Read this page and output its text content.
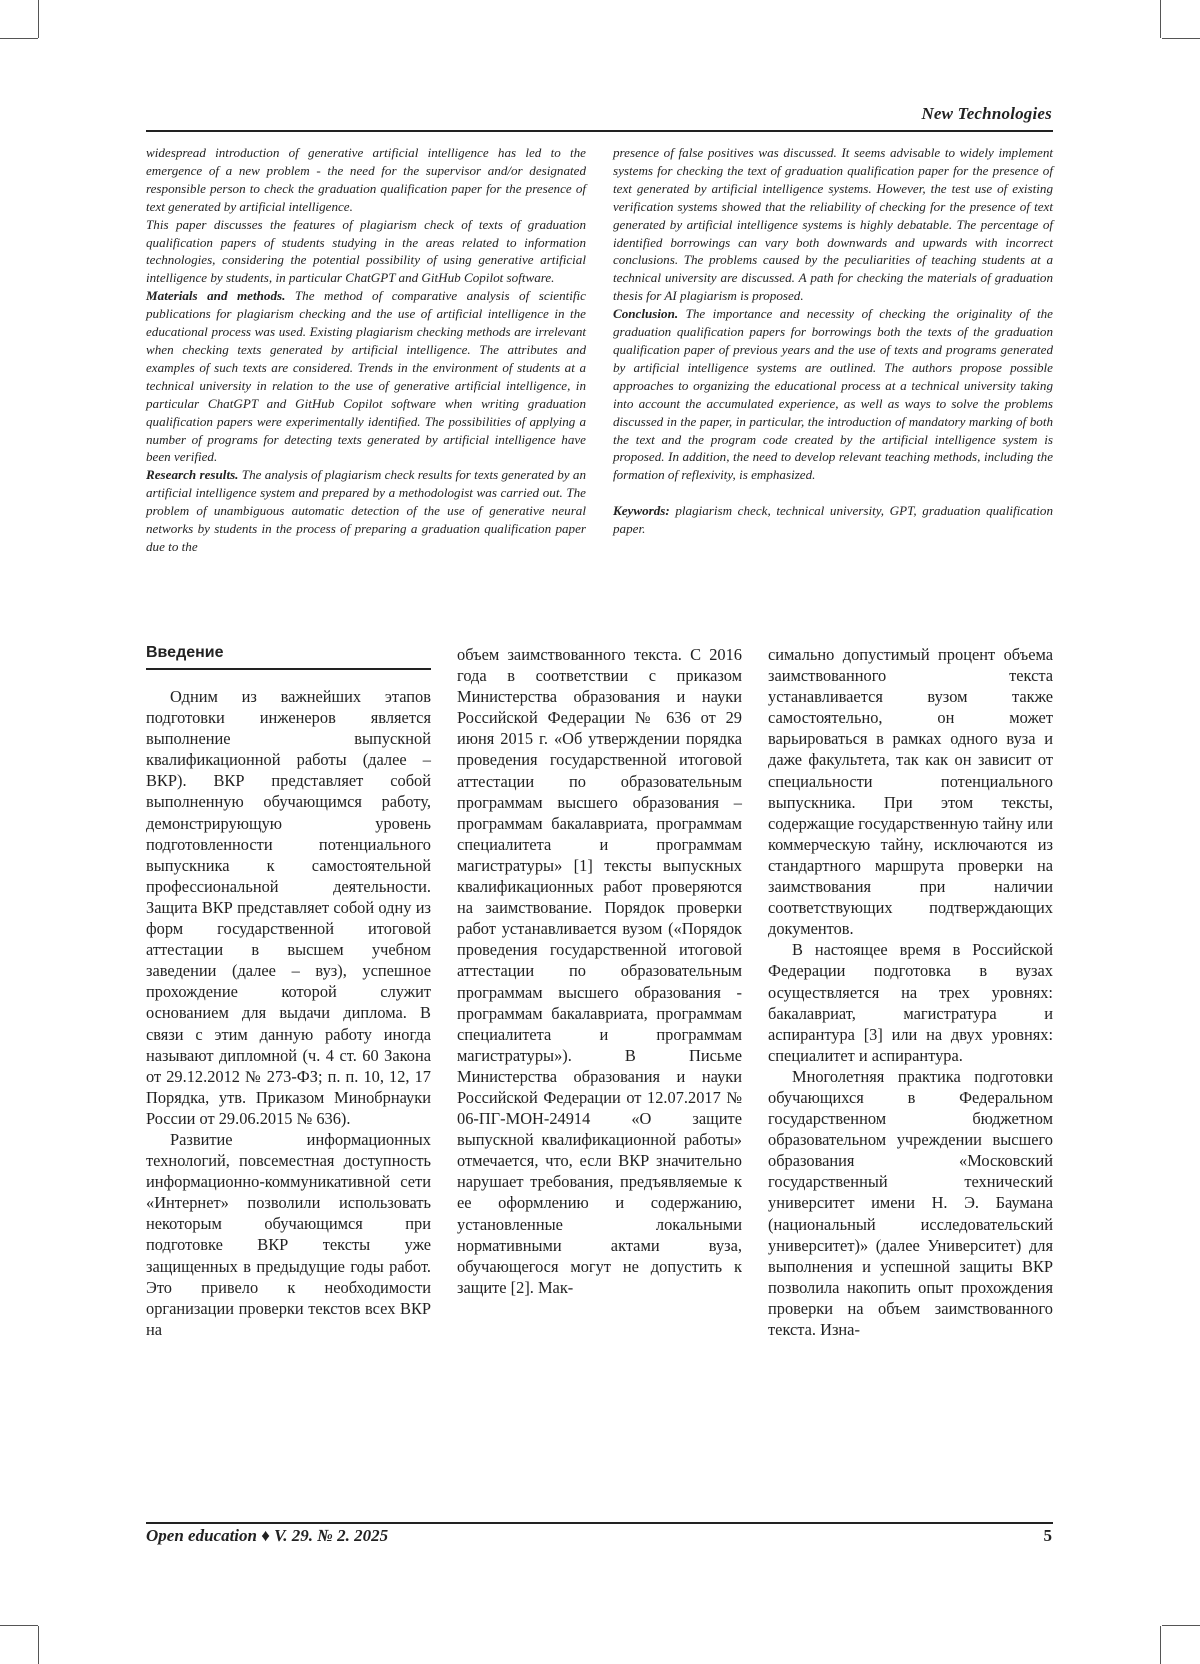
New Technologies

widespread introduction of generative artificial intelligence has led to the emergence of a new problem - the need for the supervisor and/or designated responsible person to check the graduation qualification paper for the presence of text generated by artificial intelligence.

This paper discusses the features of plagiarism check of texts of graduation qualification papers of students studying in the areas related to information technologies, considering the potential possibility of using generative artificial intelligence by students, in particular ChatGPT and GitHub Copilot software.

Materials and methods. The method of comparative analysis of scientific publications for plagiarism checking and the use of artificial intelligence in the educational process was used. Existing plagiarism checking methods are irrelevant when checking texts generated by artificial intelligence. The attributes and examples of such texts are considered. Trends in the environment of students at a technical university in relation to the use of generative artificial intelligence, in particular ChatGPT and GitHub Copilot software when writing graduation qualification papers were experimentally identified. The possibilities of applying a number of programs for detecting texts generated by artificial intelligence have been verified.

Research results. The analysis of plagiarism check results for texts generated by an artificial intelligence system and prepared by a methodologist was carried out. The problem of unambiguous automatic detection of the use of generative neural networks by students in the process of preparing a graduation qualification paper due to the

presence of false positives was discussed. It seems advisable to widely implement systems for checking the text of graduation qualification paper for the presence of text generated by artificial intelligence systems. However, the test use of existing verification systems showed that the reliability of checking for the presence of text generated by artificial intelligence systems is highly debatable. The percentage of identified borrowings can vary both downwards and upwards with incorrect conclusions. The problems caused by the peculiarities of teaching students at a technical university are discussed. A path for checking the materials of graduation thesis for AI plagiarism is proposed.

Conclusion. The importance and necessity of checking the originality of the graduation qualification papers for borrowings both the texts of the graduation qualification paper of previous years and the use of texts and programs generated by artificial intelligence systems are outlined. The authors propose possible approaches to organizing the educational process at a technical university taking into account the accumulated experience, as well as ways to solve the problems discussed in the paper, in particular, the introduction of mandatory marking of both the text and the program code created by the artificial intelligence system is proposed. In addition, the need to develop relevant teaching methods, including the formation of reflexivity, is emphasized.

Keywords: plagiarism check, technical university, GPT, graduation qualification paper.

Введение

Одним из важнейших этапов подготовки инженеров является выполнение выпускной квалификационной работы (далее – ВКР). ВКР представляет собой выполненную обучающимся работу, демонстрирующую уровень подготовленности потенциального выпускника к самостоятельной профессиональной деятельности. Защита ВКР представляет собой одну из форм государственной итоговой аттестации в высшем учебном заведении (далее – вуз), успешное прохождение которой служит основанием для выдачи диплома. В связи с этим данную работу иногда называют дипломной (ч. 4 ст. 60 Закона от 29.12.2012 № 273-ФЗ; п. п. 10, 12, 17 Порядка, утв. Приказом Минобрнауки России от 29.06.2015 № 636).

Развитие информационных технологий, повсеместная доступность информационно-коммуникативной сети «Интернет» позволили использовать некоторым обучающимся при подготовке ВКР тексты уже защищенных в предыдущие годы работ. Это привело к необходимости организации проверки текстов всех ВКР на

объем заимствованного текста. С 2016 года в соответствии с приказом Министерства образования и науки Российской Федерации № 636 от 29 июня 2015 г. «Об утверждении порядка проведения государственной итоговой аттестации по образовательным программам высшего образования – программам бакалавриата, программам специалитета и программам магистратуры» [1] тексты выпускных квалификационных работ проверяются на заимствование. Порядок проверки работ устанавливается вузом («Порядок проведения государственной итоговой аттестации по образовательным программам высшего образования - программам бакалавриата, программам специалитета и программам магистратуры»). В Письме Министерства образования и науки Российской Федерации от 12.07.2017 № 06-ПГ-МОН-24914 «О защите выпускной квалификационной работы» отмечается, что, если ВКР значительно нарушает требования, предъявляемые к ее оформлению и содержанию, установленные локальными нормативными актами вуза, обучающегося могут не допустить к защите [2]. Мак-

симально допустимый процент объема заимствованного текста устанавливается вузом также самостоятельно, он может варьироваться в рамках одного вуза и даже факультета, так как он зависит от специальности потенциального выпускника. При этом тексты, содержащие государственную тайну или коммерческую тайну, исключаются из стандартного маршрута проверки на заимствования при наличии соответствующих подтверждающих документов.

В настоящее время в Российской Федерации подготовка в вузах осуществляется на трех уровнях: бакалавриат, магистратура и аспирантура [3] или на двух уровнях: специалитет и аспирантура.

Многолетняя практика подготовки обучающихся в Федеральном государственном бюджетном образовательном учреждении высшего образования «Московский государственный технический университет имени Н. Э. Баумана (национальный исследовательский университет)» (далее Университет) для выполнения и успешной защиты ВКР позволила накопить опыт прохождения проверки на объем заимствованного текста. Изна-

Open education ♦ V. 29. № 2. 2025	5
